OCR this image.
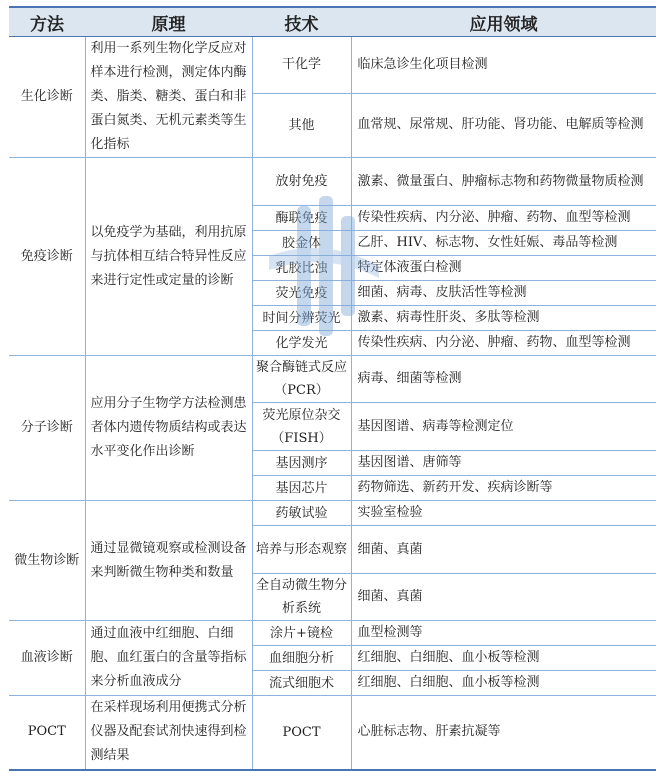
方法	原理	技术	应用领域
生化诊断	利用一系列生物化学反应对样本进行检测，测定体内酶类、脂类、糖类、蛋白和非蛋白氮类、无机元素类等生化指标	干化学	临床急诊生化项目检测
		其他	血常规、尿常规、肝功能、肾功能、电解质等检测
免疫诊断	以免疫学为基础，利用抗原与抗体相互结合特异性反应来进行定性或定量的诊断	放射免疫	激素、微量蛋白、肿瘤标志物和药物微量物质检测
		酶联免疫	传染性疾病、内分泌、肿瘤、药物、血型等检测
		胶金体	乙肝、HIV、标志物、女性妊娠、毒品等检测
		乳胶比浊	特定体液蛋白检测
		荧光免疫	细菌、病毒、皮肤活性等检测
		时间分辨荧光	激素、病毒性肝炎、多肽等检测
		化学发光	传染性疾病、内分泌、肿瘤、药物、血型等检测
分子诊断	应用分子生物学方法检测患者体内遗传物质结构或表达水平变化作出诊断	聚合酶链式反应（PCR）	病毒、细菌等检测
		荧光原位杂交（FISH）	基因图谱、病毒等检测定位
		基因测序	基因图谱、唐筛等
		基因芯片	药物筛选、新药开发、疾病诊断等
微生物诊断	通过显微镜观察或检测设备来判断微生物种类和数量	药敏试验	实验室检验
		培养与形态观察	细菌、真菌
		全自动微生物分析系统	细菌、真菌
血液诊断	通过血液中红细胞、白细胞、血红蛋白的含量等指标来分析血液成分	涂片+镜检	血型检测等
		血细胞分析	红细胞、白细胞、血小板等检测
		流式细胞术	红细胞、白细胞、血小板等检测
POCT	在采样现场利用便携式分析仪器及配套试剂快速得到检测结果	POCT	心脏标志物、肝素抗凝等
